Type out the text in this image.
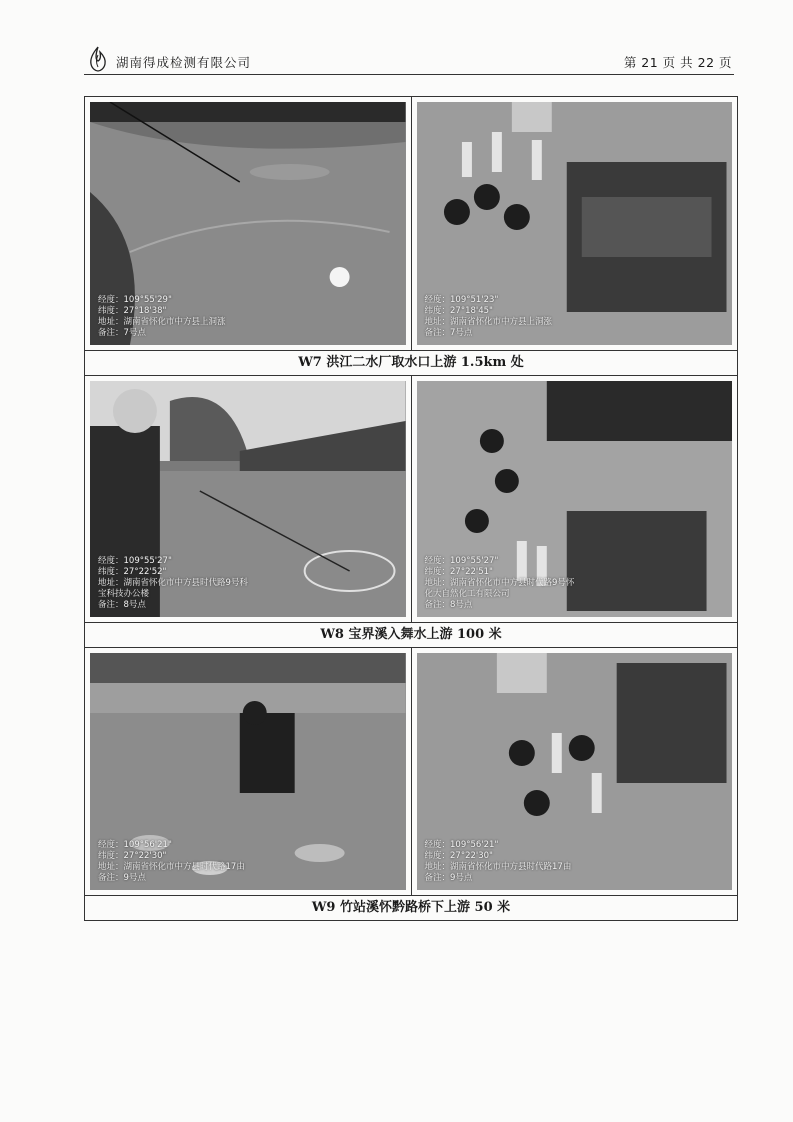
湖南得成检测有限公司	第 21 页 共 22 页
经度：109°55'29"
纬度：27°18'38"
地址：湖南省怀化市中方县上洞涨
备注：7号点
经度：109°51'23"
纬度：27°18'45"
地址：湖南省怀化市中方县上洞涨
备注：7号点
W7 洪江二水厂取水口上游 1.5km 处
经度：109°55'27"
纬度：27°22'52"
地址：湖南省怀化市中方县时代路9号科
宝科技办公楼
备注：8号点
经度：109°55'27"
纬度：27°22'51"
地址：湖南省怀化市中方县时代路9号怀
化大自然化工有限公司
备注：8号点
W8 宝界溪入舞水上游 100 米
经度：109°56'21"
纬度：27°22'30"
地址：湖南省怀化市中方县时代路17由
备注：9号点
经度：109°56'21"
纬度：27°22'30"
地址：湖南省怀化市中方县时代路17由
备注：9号点
W9 竹站溪怀黔路桥下上游 50 米
